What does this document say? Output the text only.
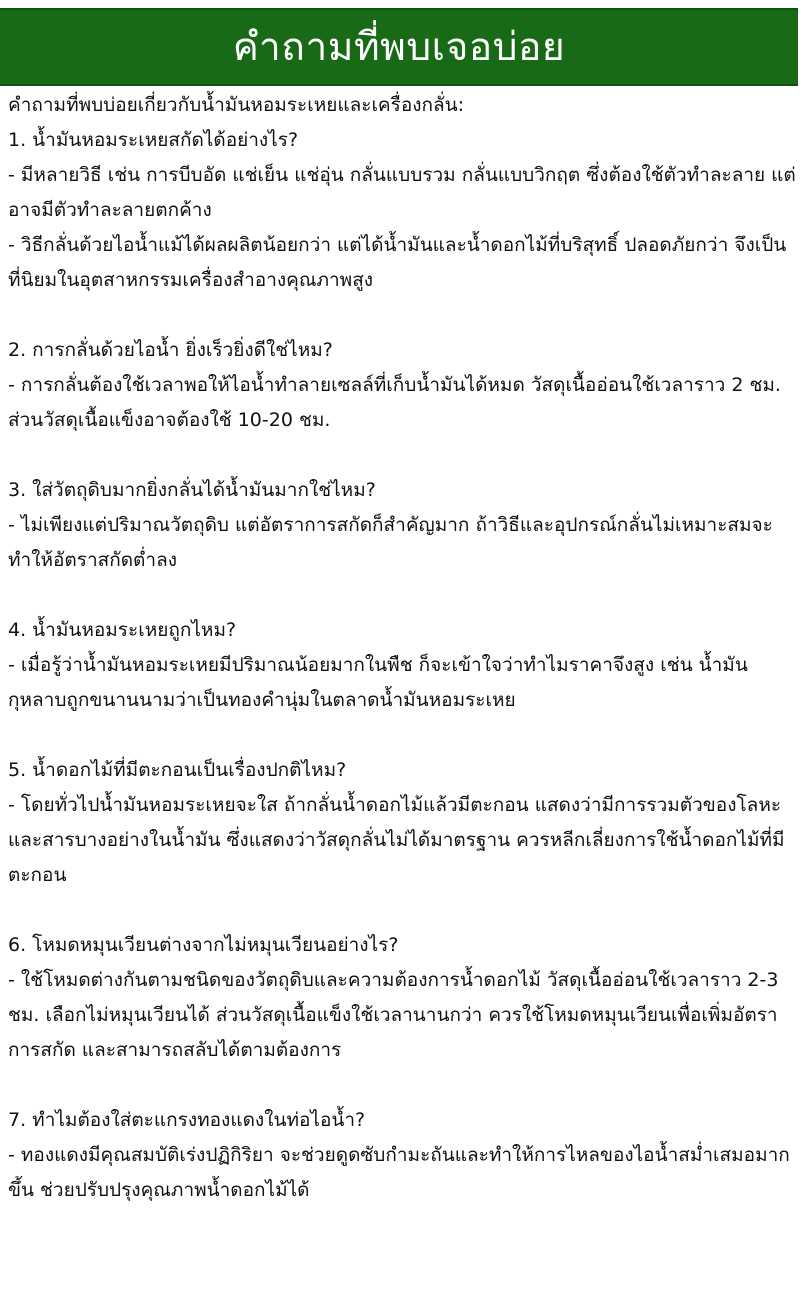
คำถามที่พบเจอบ่อย

คำถามที่พบบ่อยเกี่ยวกับน้ำมันหอมระเหยและเครื่องกลั่น:

1. น้ำมันหอมระเหยสกัดได้อย่างไร?

- มีหลายวิธี เช่น การบีบอัด แช่เย็น แช่อุ่น กลั่นแบบรวม กลั่นแบบวิกฤต ซึ่งต้องใช้ตัวทำละลาย แต่อาจมีตัวทำละลายตกค้าง

- วิธีกลั่นด้วยไอน้ำแม้ได้ผลผลิตน้อยกว่า แต่ได้น้ำมันและน้ำดอกไม้ที่บริสุทธิ์ ปลอดภัยกว่า จึงเป็นที่นิยมในอุตสาหกรรมเครื่องสำอางคุณภาพสูง

2. การกลั่นด้วยไอน้ำ ยิ่งเร็วยิ่งดีใช่ไหม?

- การกลั่นต้องใช้เวลาพอให้ไอน้ำทำลายเซลล์ที่เก็บน้ำมันได้หมด วัสดุเนื้ออ่อนใช้เวลาราว 2 ชม. ส่วนวัสดุเนื้อแข็งอาจต้องใช้ 10-20 ชม.

3. ใส่วัตถุดิบมากยิ่งกลั่นได้น้ำมันมากใช่ไหม?

- ไม่เพียงแต่ปริมาณวัตถุดิบ แต่อัตราการสกัดก็สำคัญมาก ถ้าวิธีและอุปกรณ์กลั่นไม่เหมาะสมจะทำให้อัตราสกัดต่ำลง

4. น้ำมันหอมระเหยถูกไหม?

- เมื่อรู้ว่าน้ำมันหอมระเหยมีปริมาณน้อยมากในพืช ก็จะเข้าใจว่าทำไมราคาจึงสูง เช่น น้ำมันกุหลาบถูกขนานนามว่าเป็นทองคำนุ่มในตลาดน้ำมันหอมระเหย

5. น้ำดอกไม้ที่มีตะกอนเป็นเรื่องปกติไหม?

- โดยทั่วไปน้ำมันหอมระเหยจะใส ถ้ากลั่นน้ำดอกไม้แล้วมีตะกอน แสดงว่ามีการรวมตัวของโลหะและสารบางอย่างในน้ำมัน ซึ่งแสดงว่าวัสดุกลั่นไม่ได้มาตรฐาน ควรหลีกเลี่ยงการใช้น้ำดอกไม้ที่มีตะกอน

6. โหมดหมุนเวียนต่างจากไม่หมุนเวียนอย่างไร?

- ใช้โหมดต่างกันตามชนิดของวัตถุดิบและความต้องการน้ำดอกไม้ วัสดุเนื้ออ่อนใช้เวลาราว 2-3 ชม. เลือกไม่หมุนเวียนได้ ส่วนวัสดุเนื้อแข็งใช้เวลานานกว่า ควรใช้โหมดหมุนเวียนเพื่อเพิ่มอัตราการสกัด และสามารถสลับได้ตามต้องการ

7. ทำไมต้องใส่ตะแกรงทองแดงในท่อไอน้ำ?

- ทองแดงมีคุณสมบัติเร่งปฏิกิริยา จะช่วยดูดซับกำมะถันและทำให้การไหลของไอน้ำสม่ำเสมอมากขึ้น ช่วยปรับปรุงคุณภาพน้ำดอกไม้ได้
